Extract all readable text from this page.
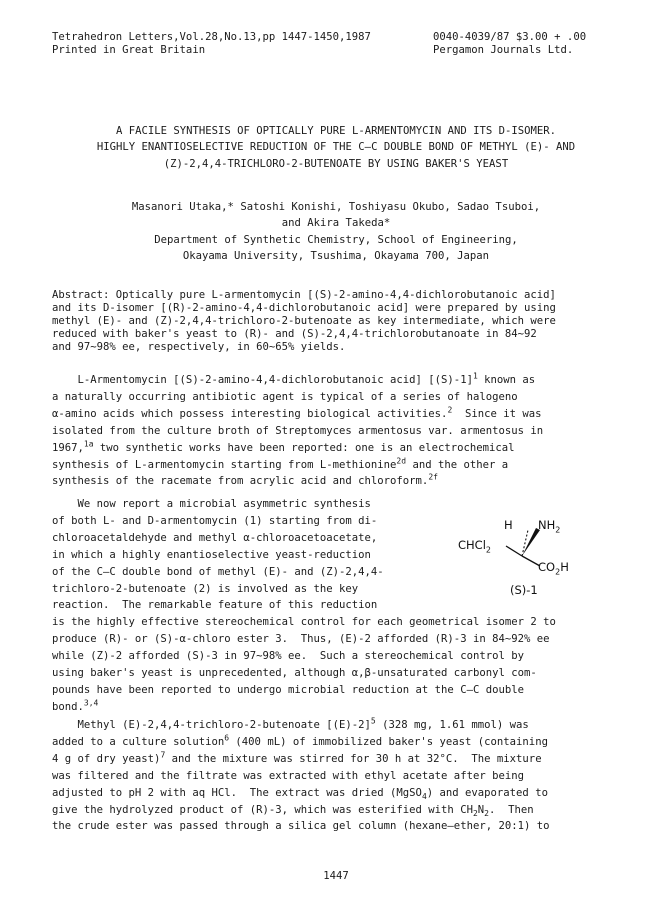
Tetrahedron Letters,Vol.28,No.13,pp 1447-1450,1987
Printed in Great Britain
0040-4039/87 $3.00 + .00
Pergamon Journals Ltd.
A FACILE SYNTHESIS OF OPTICALLY PURE L-ARMENTOMYCIN AND ITS D-ISOMER.
HIGHLY ENANTIOSELECTIVE REDUCTION OF THE C—C DOUBLE BOND OF METHYL (E)- AND
(Z)-2,4,4-TRICHLORO-2-BUTENOATE BY USING BAKER'S YEAST
Masanori Utaka,* Satoshi Konishi, Toshiyasu Okubo, Sadao Tsuboi,
and Akira Takeda*
Department of Synthetic Chemistry, School of Engineering,
Okayama University, Tsushima, Okayama 700, Japan
Abstract: Optically pure L-armentomycin [(S)-2-amino-4,4-dichlorobutanoic acid]
and its D-isomer [(R)-2-amino-4,4-dichlorobutanoic acid] were prepared by using
methyl (E)- and (Z)-2,4,4-trichloro-2-butenoate as key intermediate, which were
reduced with baker's yeast to (R)- and (S)-2,4,4-trichlorobutanoate in 84~92
and 97~98% ee, respectively, in 60~65% yields.
L-Armentomycin [(S)-2-amino-4,4-dichlorobutanoic acid] $[(S)-1]^1$ known as
a naturally occurring antibiotic agent is typical of a series of halogeno
α-amino acids which possess interesting biological activities.$^2$  Since it was
isolated from the culture broth of Streptomyces armentosus var. armentosus in
1967,$^{1a}$ two synthetic works have been reported: one is an electrochemical
synthesis of L-armentomycin starting from L-methionine$^{2d}$ and the other a
synthesis of the racemate from acrylic acid and chloroform.$^{2f}$
We now report a microbial asymmetric synthesis
of both L- and D-armentomycin (1) starting from di-
chloroacetaldehyde and methyl α-chloroacetoacetate,
in which a highly enantioselective yeast-reduction
of the C—C double bond of methyl (E)- and (Z)-2,4,4-
trichloro-2-butenoate (2) is involved as the key
reaction.  The remarkable feature of this reduction
H $NH_2$
CHCl$_2$
$CO_2H$
(S)-1
is the highly effective stereochemical control for each geometrical isomer 2 to
produce (R)- or (S)-α-chloro ester 3.  Thus, (E)-2 afforded (R)-3 in 84~92% ee
while (Z)-2 afforded (S)-3 in 97~98% ee.  Such a stereochemical control by
using baker's yeast is unprecedented, although α,β-unsaturated carbonyl com-
pounds have been reported to undergo microbial reduction at the C—C double
bond.$^{3,4}$
Methyl (E)-2,4,4-trichloro-2-butenoate $[(E)-2]^5$ (328 mg, 1.61 mmol) was
added to a culture solution$^6$ (400 mL) of immobilized baker's yeast (containing
4 g of dry yeast)$^7$ and the mixture was stirred for 30 h at 32°C.  The mixture
was filtered and the filtrate was extracted with ethyl acetate after being
adjusted to pH 2 with aq HCl.  The extract was dried (MgSO$_4$) and evaporated to
give the hydrolyzed product of (R)-3, which was esterified with $CH_2N_2$.  Then
the crude ester was passed through a silica gel column (hexane—ether, 20:1) to
1447
